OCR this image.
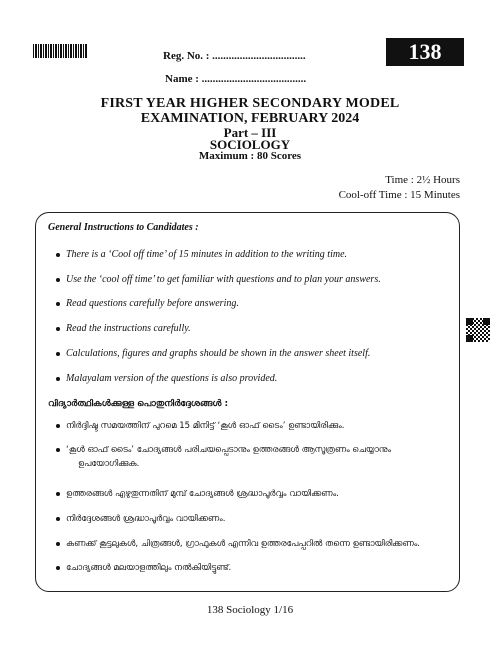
Reg. No. : ..................................
Name : ......................................
138
FIRST YEAR HIGHER SECONDARY MODEL
EXAMINATION, FEBRUARY 2024
Part – III
SOCIOLOGY
Maximum : 80 Scores
Time : 2½ Hours
Cool-off Time : 15 Minutes
General Instructions to Candidates :
There is a ‘Cool off time’ of 15 minutes in addition to the writing time.
Use the ‘cool off time’ to get familiar with questions and to plan your answers.
Read questions carefully before answering.
Read the instructions carefully.
Calculations, figures and graphs should be shown in the answer sheet itself.
Malayalam version of the questions is also provided.
വിദ്യാർത്ഥികൾക്കുള്ള പൊതുനിർദ്ദേശങ്ങൾ :
നിർദ്ദിഷ്ട സമയത്തിന് പുറമെ 15 മിനിട്ട് ‘കൂൾ ഓഫ് ടൈം’ ഉണ്ടായിരിക്കും.
‘കൂൾ ഓഫ് ടൈം’ ചോദ്യങ്ങൾ പരിചയപ്പെടാനും ഉത്തരങ്ങൾ ആസൂത്രണം ചെയ്യാനും
ഉപയോഗിക്കുക.
ഉത്തരങ്ങൾ എഴുതുന്നതിന് മുമ്പ് ചോദ്യങ്ങൾ ശ്രദ്ധാപൂർവ്വം വായിക്കണം.
നിർദ്ദേശങ്ങൾ ശ്രദ്ധാപൂർവ്വം വായിക്കണം.
കണക്ക് കൂട്ടലുകൾ, ചിത്രങ്ങൾ, ഗ്രാഫുകൾ എന്നിവ ഉത്തരപേപ്പറിൽ തന്നെ ഉണ്ടായിരിക്കണം.
ചോദ്യങ്ങൾ മലയാളത്തിലും നൽകിയിട്ടുണ്ട്.
138 Sociology 1/16
